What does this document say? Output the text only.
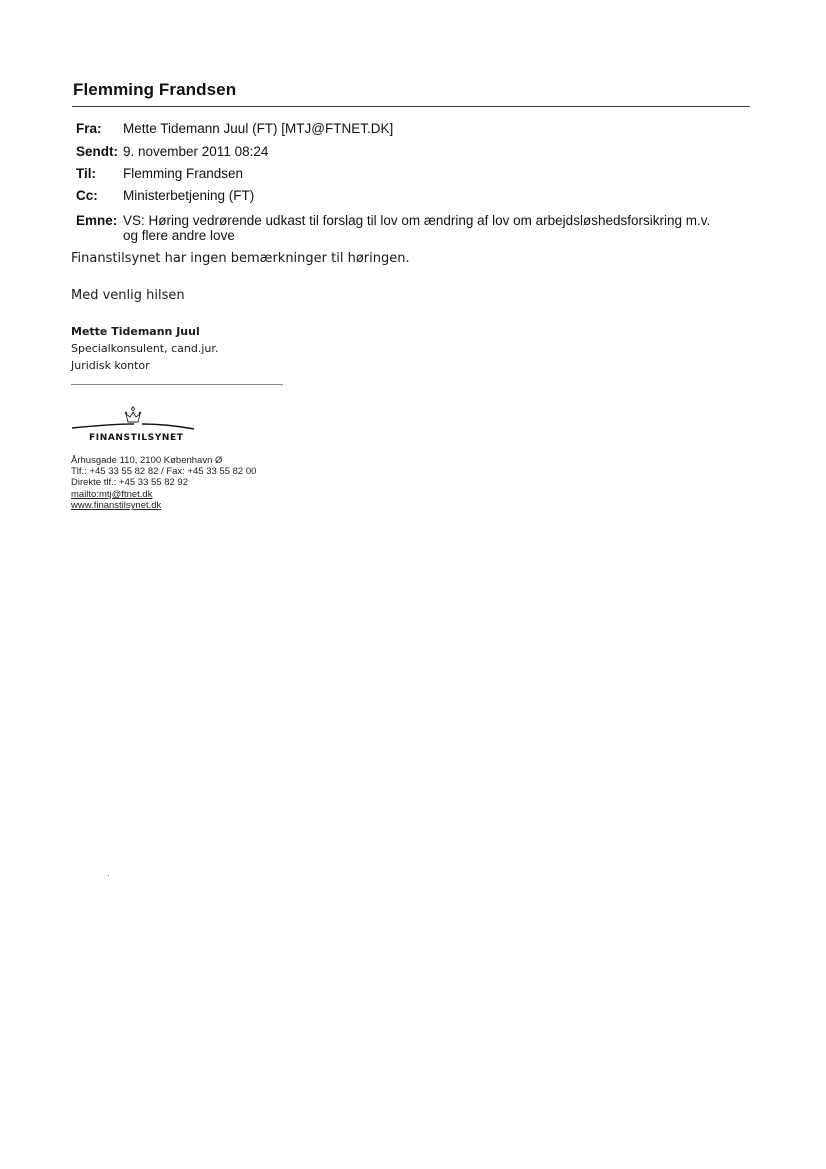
Flemming Frandsen
Fra: Mette Tidemann Juul (FT) [MTJ@FTNET.DK]
Sendt: 9. november 2011 08:24
Til: Flemming Frandsen
Cc: Ministerbetjening (FT)
Emne: VS: Høring vedrørende udkast til forslag til lov om ændring af lov om arbejdsløshedsforsikring m.v.
og flere andre love
Finanstilsynet har ingen bemærkninger til høringen.
Med venlig hilsen
Mette Tidemann Juul
Specialkonsulent, cand.jur.
Juridisk kontor
· · ·
FINANSTILSYNET
Århusgade 110, 2100 København Ø
Tlf.: +45 33 55 82 82 / Fax: +45 33 55 82 00
Direkte tlf.: +45 33 55 82 92
mailto:mtj@ftnet.dk
www.finanstilsynet.dk
